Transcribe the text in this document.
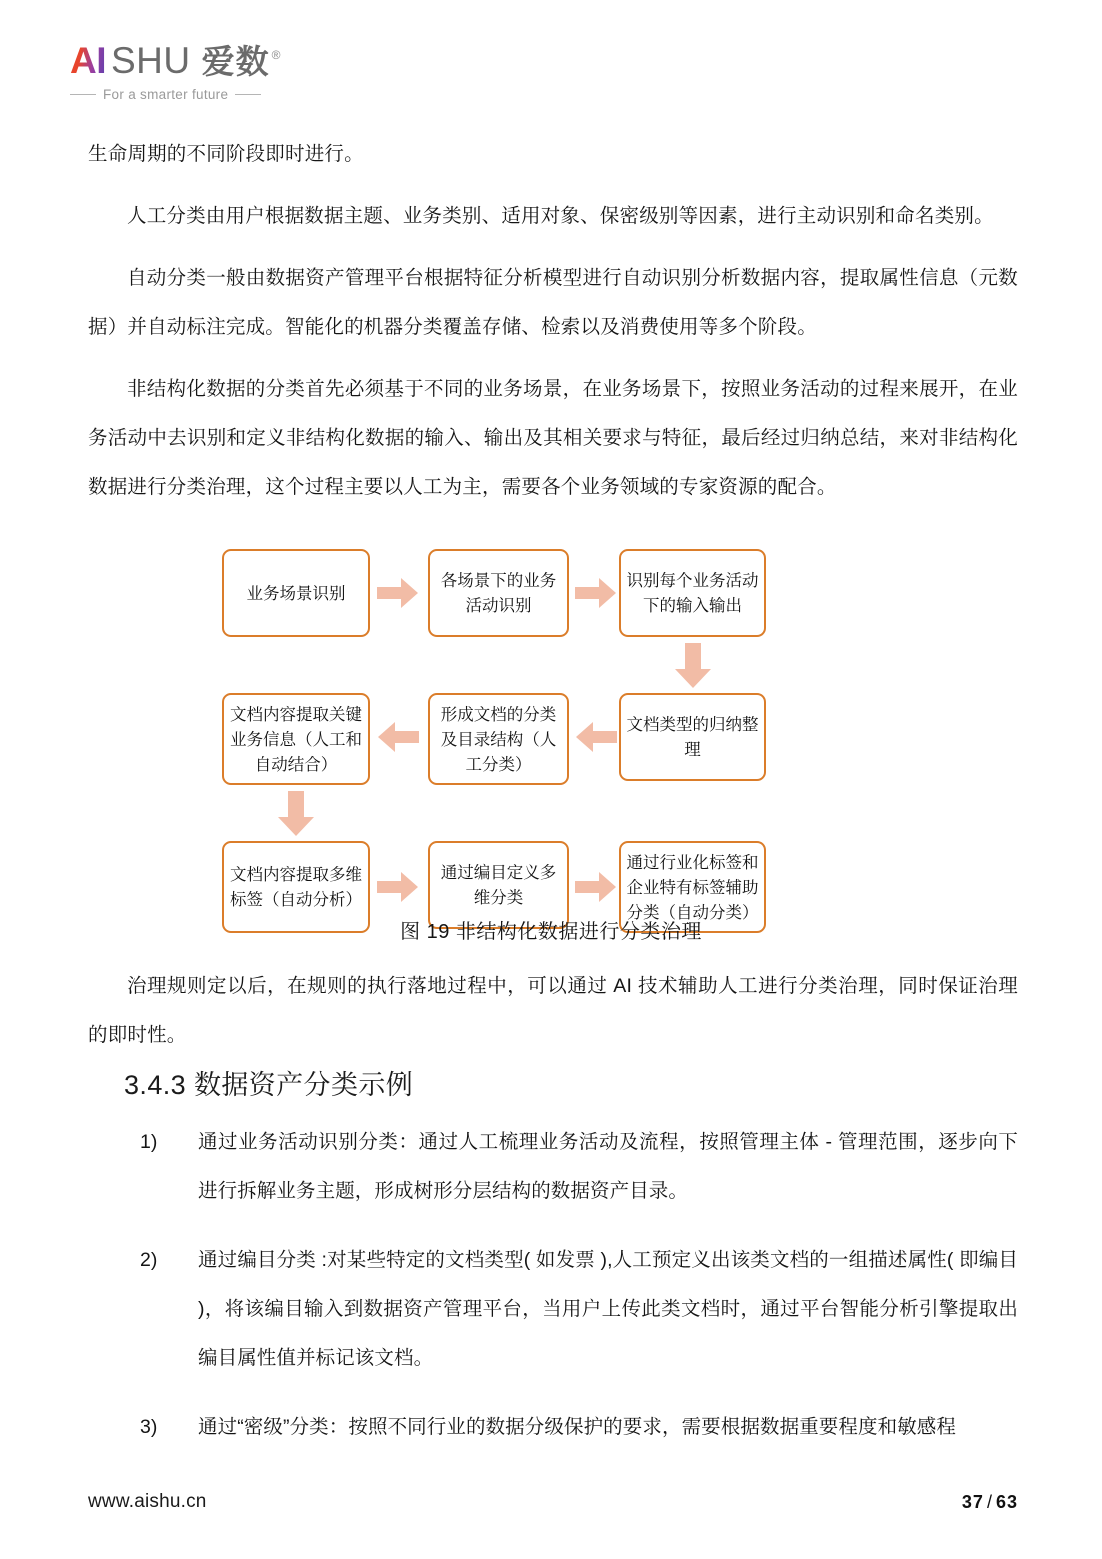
AI SHU 爱数 ®
For a smarter future

生命周期的不同阶段即时进行。

人工分类由用户根据数据主题、业务类别、适用对象、保密级别等因素，进行主动识别和命名类别。

自动分类一般由数据资产管理平台根据特征分析模型进行自动识别分析数据内容，提取属性信息（元数据）并自动标注完成。智能化的机器分类覆盖存储、检索以及消费使用等多个阶段。

非结构化数据的分类首先必须基于不同的业务场景，在业务场景下，按照业务活动的过程来展开，在业务活动中去识别和定义非结构化数据的输入、输出及其相关要求与特征，最后经过归纳总结，来对非结构化数据进行分类治理，这个过程主要以人工为主，需要各个业务领域的专家资源的配合。

业务场景识别
各场景下的业务活动识别
识别每个业务活动下的输入输出
文档类型的归纳整理
形成文档的分类及目录结构（人工分类）
文档内容提取关键业务信息（人工和自动结合）
文档内容提取多维标签（自动分析）
通过编目定义多维分类
通过行业化标签和企业特有标签辅助分类（自动分类）
图 19 非结构化数据进行分类治理

治理规则定以后，在规则的执行落地过程中，可以通过 AI 技术辅助人工进行分类治理，同时保证治理的即时性。

3.4.3 数据资产分类示例
1)	通过业务活动识别分类：通过人工梳理业务活动及流程，按照管理主体 - 管理范围，逐步向下进行拆解业务主题，形成树形分层结构的数据资产目录。
2)	通过编目分类 :对某些特定的文档类型( 如发票 ),人工预定义出该类文档的一组描述属性( 即编目 )，将该编目输入到数据资产管理平台，当用户上传此类文档时，通过平台智能分析引擎提取出编目属性值并标记该文档。
3)	通过“密级”分类：按照不同行业的数据分级保护的要求，需要根据数据重要程度和敏感程
www.aishu.cn	37 / 63
